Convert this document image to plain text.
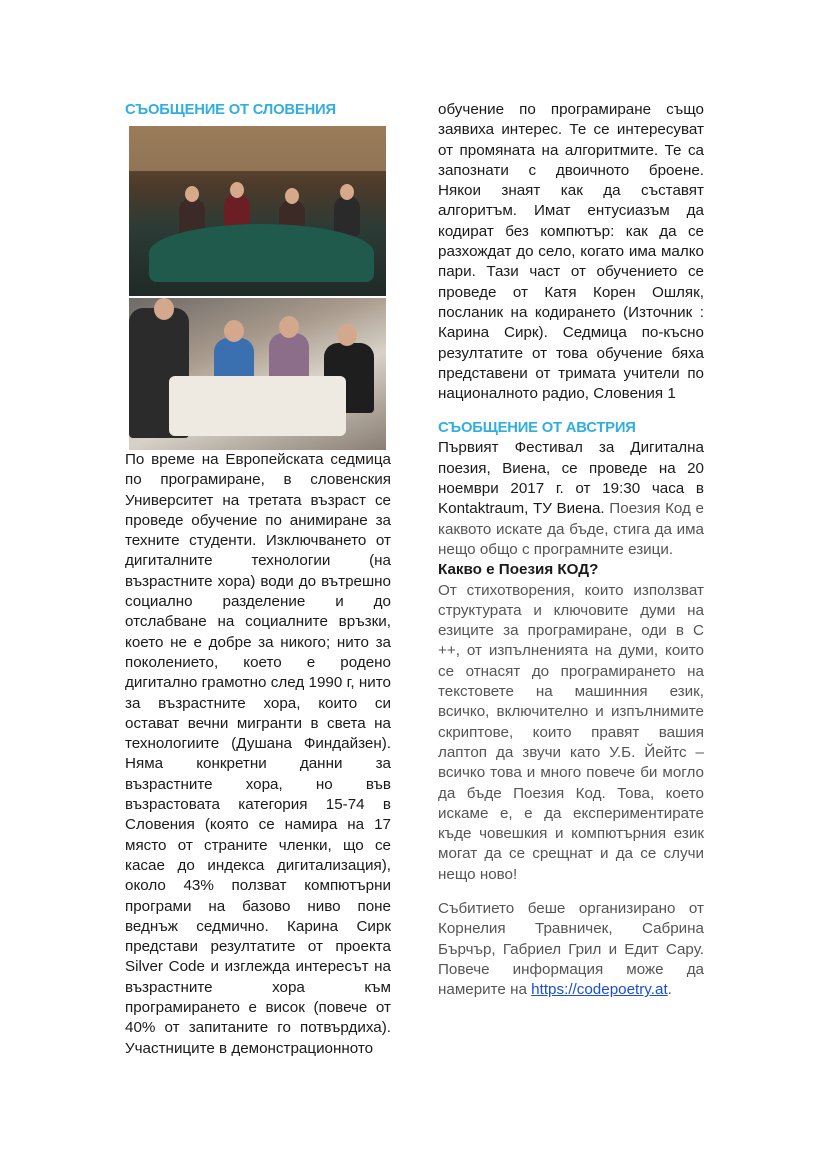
СЪОБЩЕНИЕ ОТ СЛОВЕНИЯ

По време на Европейската седмица по програмиране, в словенския Университет на третата възраст се проведе обучение по анимиране за техните студенти. Изключването от дигиталните технологии (на възрастните хора) води до вътрешно социално разделение и до отслабване на социалните връзки, което не е добре за никого; нито за поколението, което е родено дигитално грамотно след 1990 г, нито за възрастните хора, които си остават вечни мигранти в света на технологиите (Душана Финдайзен). Няма конкретни данни за възрастните хора, но във възрастовата категория 15-74 в Словения (която се намира на 17 място от страните членки, що се касае до индекса дигитализация), около 43% ползват компютърни програми на базово ниво поне веднъж седмично. Карина Сирк представи резултатите от проекта Silver Code и изглежда интересът на възрастните хора към програмирането е висок (повече от 40% от запитаните го потвърдиха). Участниците в демонстрационното

обучение по програмиране също заявиха интерес. Те се интересуват от промяната на алгоритмите. Те са запознати с двоичното броене. Някои знаят как да съставят алгоритъм. Имат ентусиазъм да кодират без компютър: как да се разхождат до село, когато има малко пари. Тази част от обучението се проведе от Катя Корен Ошляк, посланик на кодирането (Източник : Карина Сирк). Седмица по-късно резултатите от това обучение бяха представени от тримата учители по националното радио, Словения 1

СЪОБЩЕНИЕ ОТ АВСТРИЯ

Първият Фестивал за Дигитална поезия, Виена, се проведе на 20 ноември 2017 г. от 19:30 часа в Kontaktraum, ТУ Виена. Поезия Код е каквото искате да бъде, стига да има нещо общо с програмните езици.

Какво е Поезия КОД?

От стихотворения, които използват структурата и ключовите думи на езиците за програмиране, оди в С ++, от изпълненията на думи, които се отнасят до програмирането на текстовете на машинния език, всичко, включително и изпълнимите скриптове, които правят вашия лаптоп да звучи като У.Б. Йейтс – всичко това и много повече би могло да бъде Поезия Код. Това, което искаме е, е да експериментирате къде човешкия и компютърния език могат да се срещнат и да се случи нещо ново!

Събитието беше организирано от Корнелия Травничек, Сабрина Бърчър, Габриел Грил и Едит Сару. Повече информация може да намерите на https://codepoetry.at.
